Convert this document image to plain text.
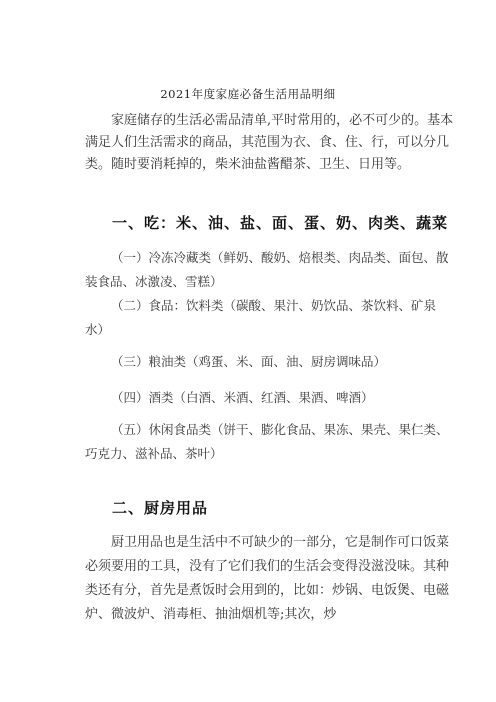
2021年度家庭必备生活用品明细
家庭储存的生活必需品清单,平时常用的，必不可少的。基本满足人们生活需求的商品，其范围为衣、食、住、行，可以分几类。随时要消耗掉的，柴米油盐酱醋茶、卫生、日用等。
一、吃：米、油、盐、面、蛋、奶、肉类、蔬菜
（一）冷冻冷藏类（鲜奶、酸奶、焙根类、肉品类、面包、散装食品、冰激凌、雪糕）
（二）食品：饮料类（碳酸、果汁、奶饮品、茶饮料、矿泉水）
（三）粮油类（鸡蛋、米、面、油、厨房调味品）
（四）酒类（白酒、米酒、红酒、果酒、啤酒）
（五）休闲食品类（饼干、膨化食品、果冻、果壳、果仁类、巧克力、滋补品、茶叶）
二、厨房用品
厨卫用品也是生活中不可缺少的一部分，它是制作可口饭菜必须要用的工具，没有了它们我们的生活会变得没滋没味。其种类还有分，首先是煮饭时会用到的，比如：炒锅、电饭煲、电磁炉、微波炉、消毒柜、抽油烟机等;其次，炒
